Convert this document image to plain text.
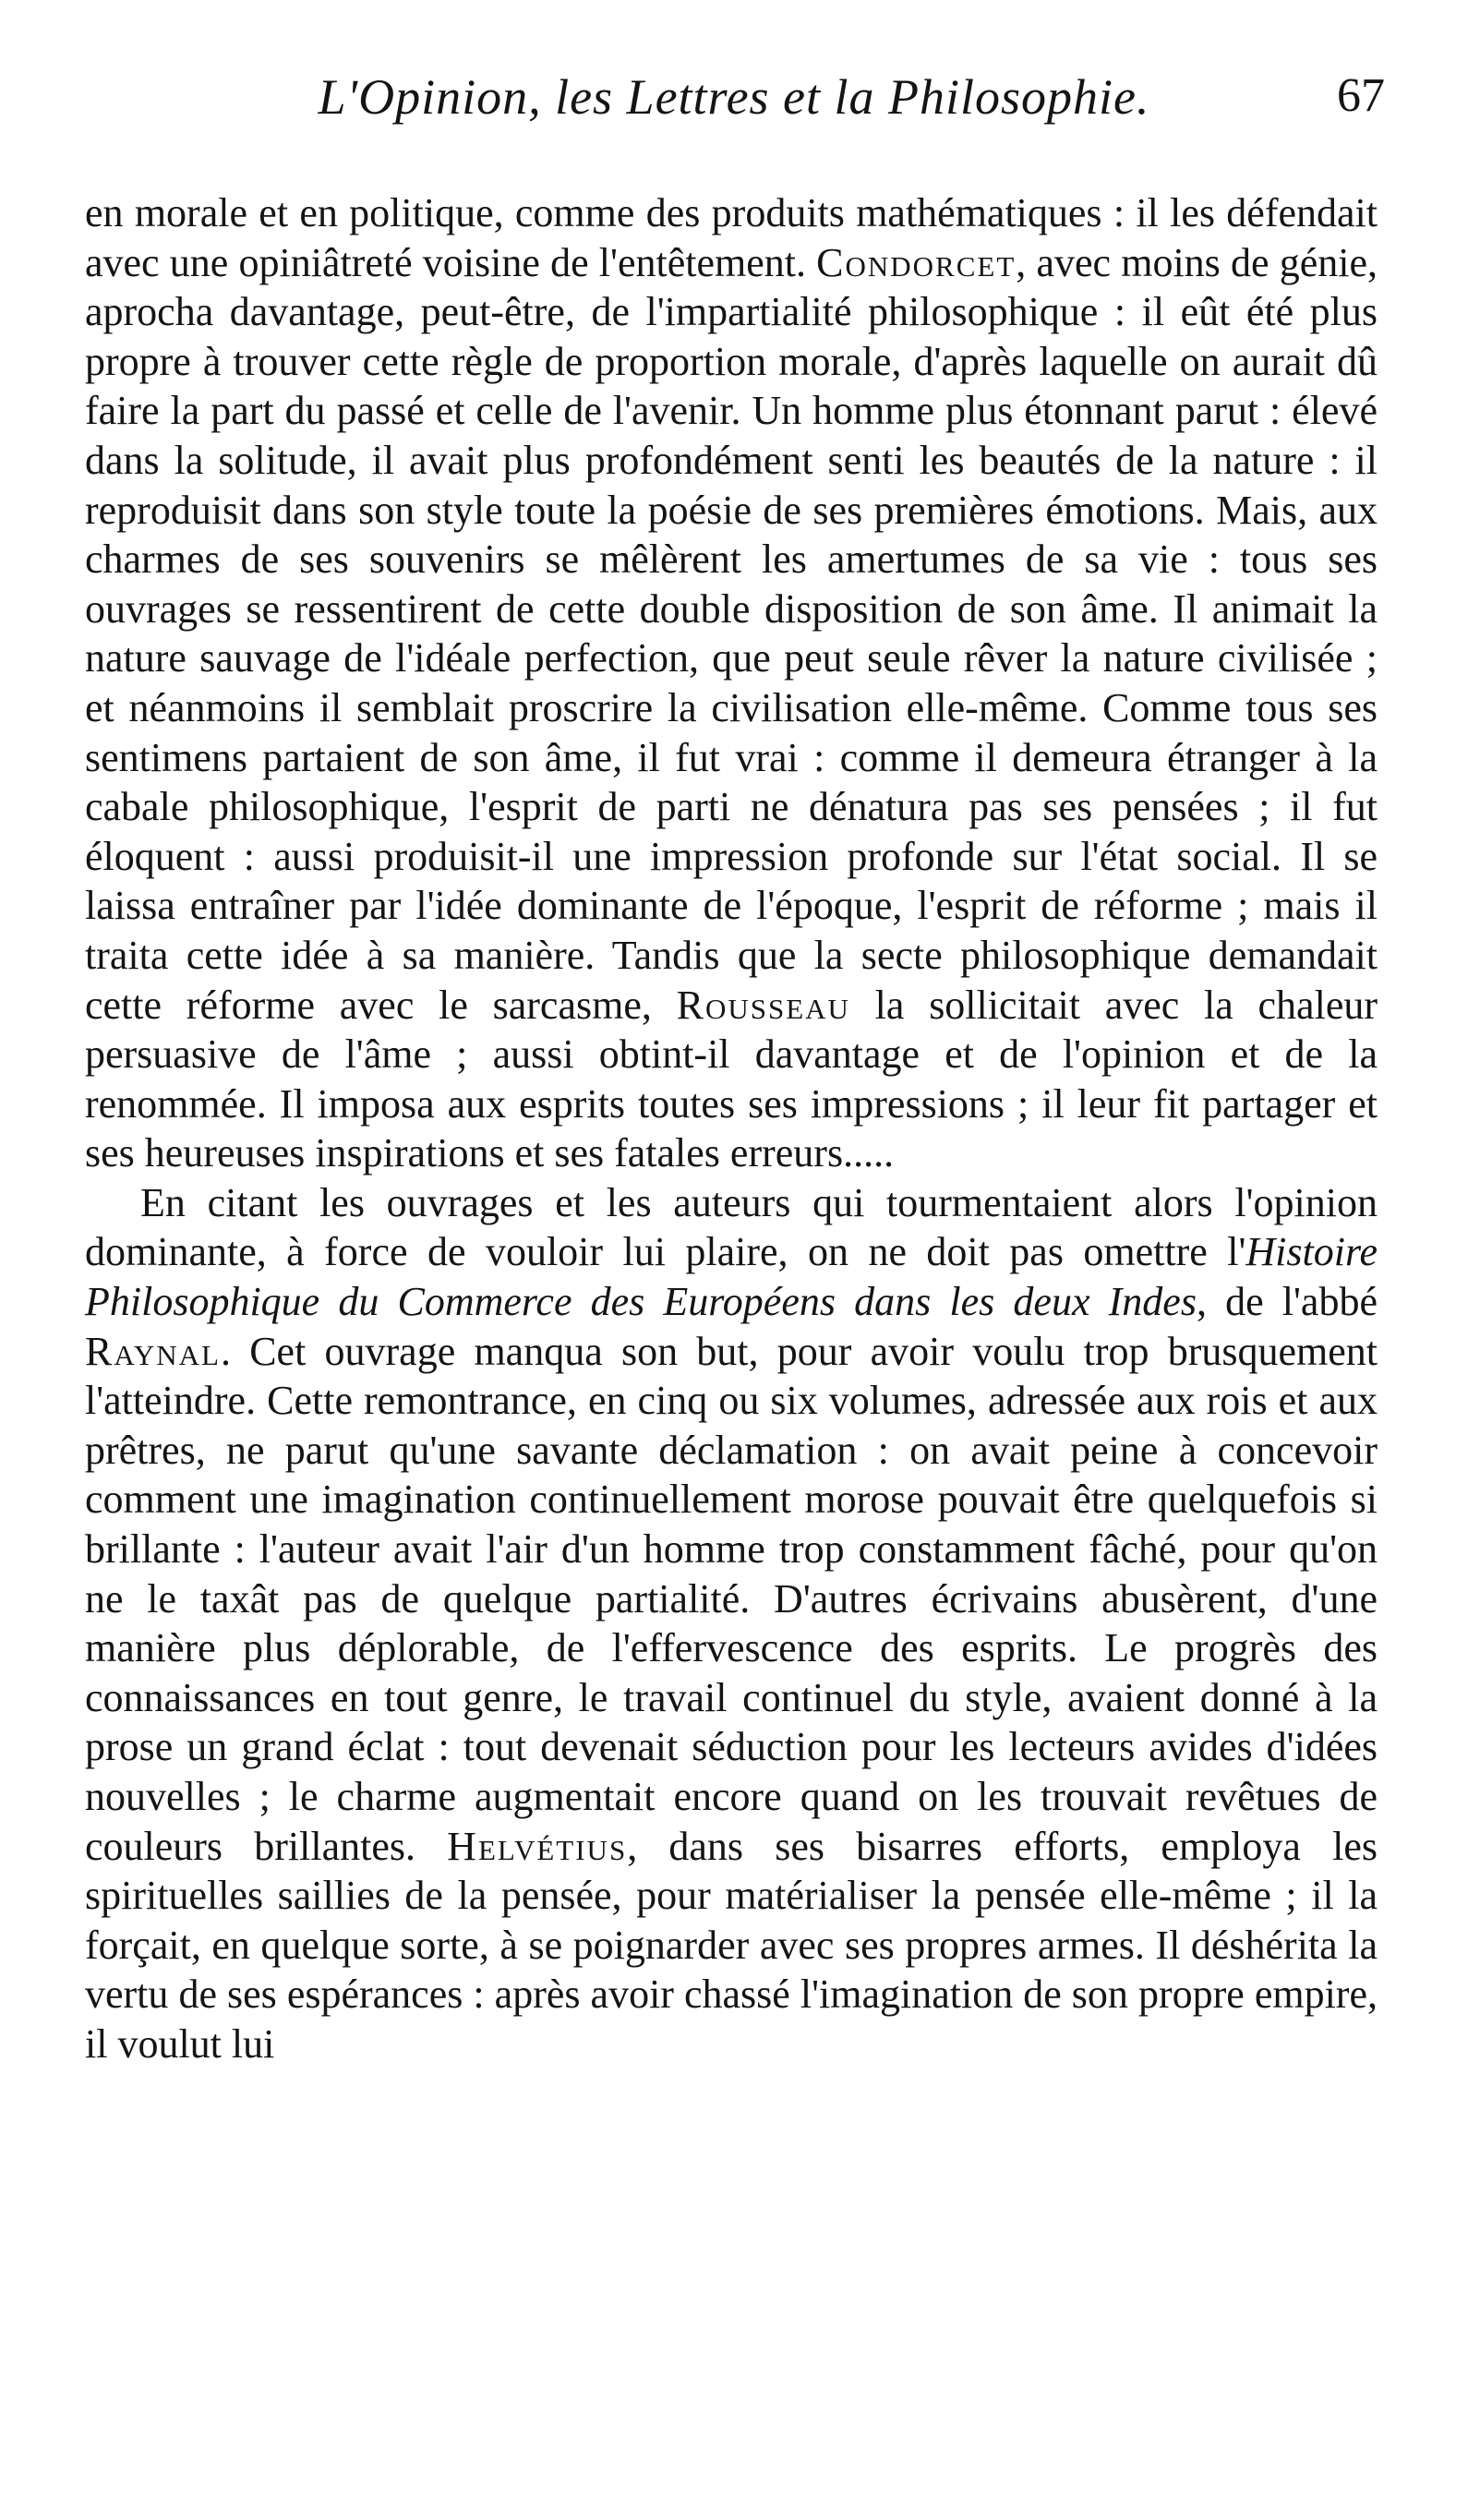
L'Opinion, les Lettres et la Philosophie.	67

en morale et en politique, comme des produits mathématiques : il les défendait avec une opiniâtreté voisine de l'entêtement. Condorcet, avec moins de génie, aprocha davantage, peut-être, de l'impartialité philosophique : il eût été plus propre à trouver cette règle de proportion morale, d'après laquelle on aurait dû faire la part du passé et celle de l'avenir. Un homme plus étonnant parut : élevé dans la solitude, il avait plus profondément senti les beautés de la nature : il reproduisit dans son style toute la poésie de ses premières émotions. Mais, aux charmes de ses souvenirs se mêlèrent les amertumes de sa vie : tous ses ouvrages se ressentirent de cette double disposition de son âme. Il animait la nature sauvage de l'idéale perfection, que peut seule rêver la nature civilisée ; et néanmoins il semblait proscrire la civilisation elle-même. Comme tous ses sentimens partaient de son âme, il fut vrai : comme il demeura étranger à la cabale philosophique, l'esprit de parti ne dénatura pas ses pensées ; il fut éloquent : aussi produisit-il une impression profonde sur l'état social. Il se laissa entraîner par l'idée dominante de l'époque, l'esprit de réforme ; mais il traita cette idée à sa manière. Tandis que la secte philosophique demandait cette réforme avec le sarcasme, Rousseau la sollicitait avec la chaleur persuasive de l'âme ; aussi obtint-il davantage et de l'opinion et de la renommée. Il imposa aux esprits toutes ses impressions ; il leur fit partager et ses heureuses inspirations et ses fatales erreurs.....

En citant les ouvrages et les auteurs qui tourmentaient alors l'opinion dominante, à force de vouloir lui plaire, on ne doit pas omettre l'Histoire Philosophique du Commerce des Européens dans les deux Indes, de l'abbé Raynal. Cet ouvrage manqua son but, pour avoir voulu trop brusquement l'atteindre. Cette remontrance, en cinq ou six volumes, adressée aux rois et aux prêtres, ne parut qu'une savante déclamation : on avait peine à concevoir comment une imagination continuellement morose pouvait être quelquefois si brillante : l'auteur avait l'air d'un homme trop constamment fâché, pour qu'on ne le taxât pas de quelque partialité. D'autres écrivains abusèrent, d'une manière plus déplorable, de l'effervescence des esprits. Le progrès des connaissances en tout genre, le travail continuel du style, avaient donné à la prose un grand éclat : tout devenait séduction pour les lecteurs avides d'idées nouvelles ; le charme augmentait encore quand on les trouvait revêtues de couleurs brillantes. Helvétius, dans ses bisarres efforts, employa les spirituelles saillies de la pensée, pour matérialiser la pensée elle-même ; il la forçait, en quelque sorte, à se poignarder avec ses propres armes. Il déshérita la vertu de ses espérances : après avoir chassé l'imagination de son propre empire, il voulut lui
